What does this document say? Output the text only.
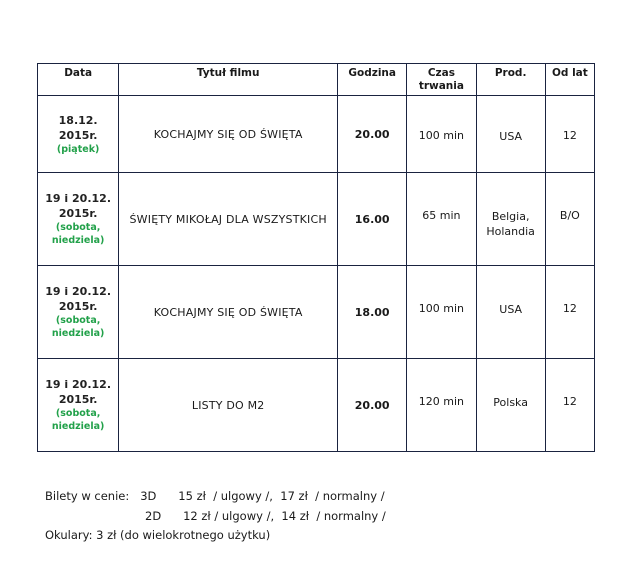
Data	Tytuł filmu	Godzina	Czas trwania	Prod.	Od lat

18.12. 2015r.
(piątek)	KOCHAJMY SIĘ OD ŚWIĘTA	20.00	100 min	USA	12

19 i 20.12. 2015r.
(sobota, niedziela)	ŚWIĘTY MIKOŁAJ DLA WSZYSTKICH	16.00	65 min	Belgia, Holandia	B/O

19 i 20.12. 2015r.
(sobota, niedziela)	KOCHAJMY SIĘ OD ŚWIĘTA	18.00	100 min	USA	12

19 i 20.12. 2015r.
(sobota, niedziela)	LISTY DO M2	20.00	120 min	Polska	12
Bilety w cenie: 3D 15 zł  / ulgowy /,  17 zł  / normalny /
2D 12 zł / ulgowy /,  14 zł  / normalny /
Okulary: 3 zł (do wielokrotnego użytku)
